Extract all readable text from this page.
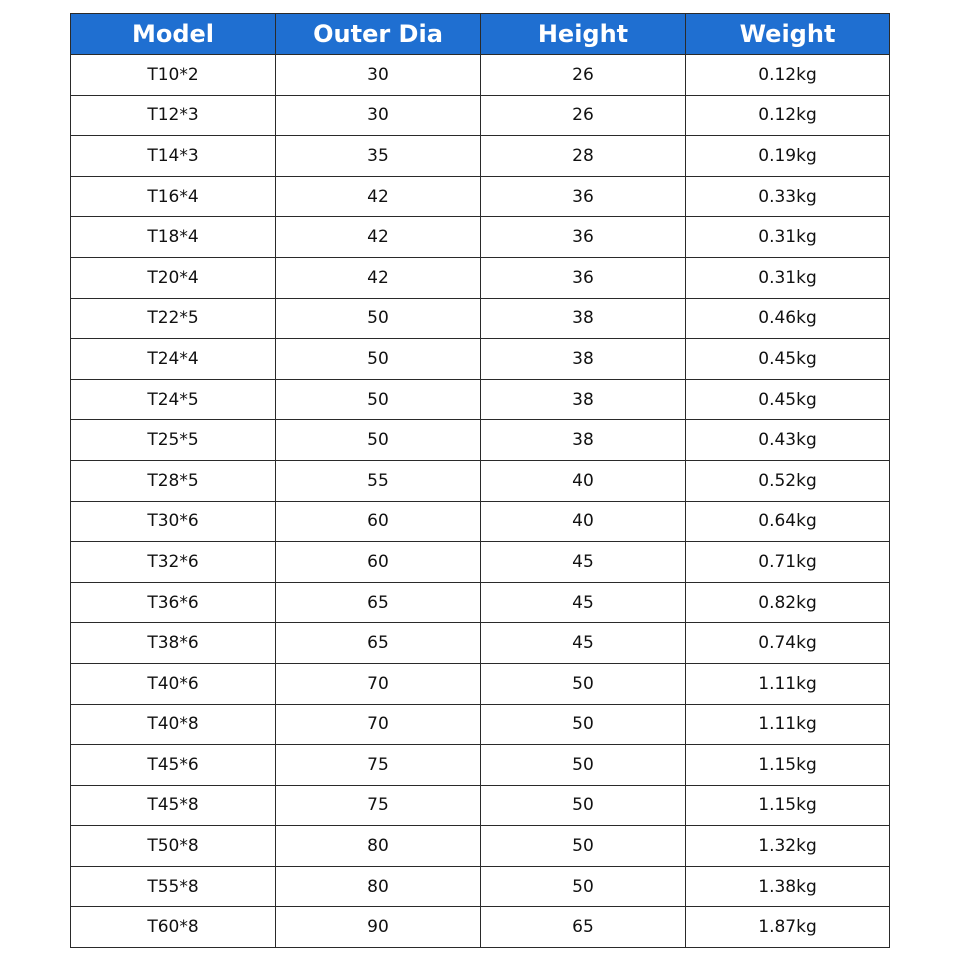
Model	Outer Dia	Height	Weight
T10*2	30	26	0.12kg
T12*3	30	26	0.12kg
T14*3	35	28	0.19kg
T16*4	42	36	0.33kg
T18*4	42	36	0.31kg
T20*4	42	36	0.31kg
T22*5	50	38	0.46kg
T24*4	50	38	0.45kg
T24*5	50	38	0.45kg
T25*5	50	38	0.43kg
T28*5	55	40	0.52kg
T30*6	60	40	0.64kg
T32*6	60	45	0.71kg
T36*6	65	45	0.82kg
T38*6	65	45	0.74kg
T40*6	70	50	1.11kg
T40*8	70	50	1.11kg
T45*6	75	50	1.15kg
T45*8	75	50	1.15kg
T50*8	80	50	1.32kg
T55*8	80	50	1.38kg
T60*8	90	65	1.87kg
